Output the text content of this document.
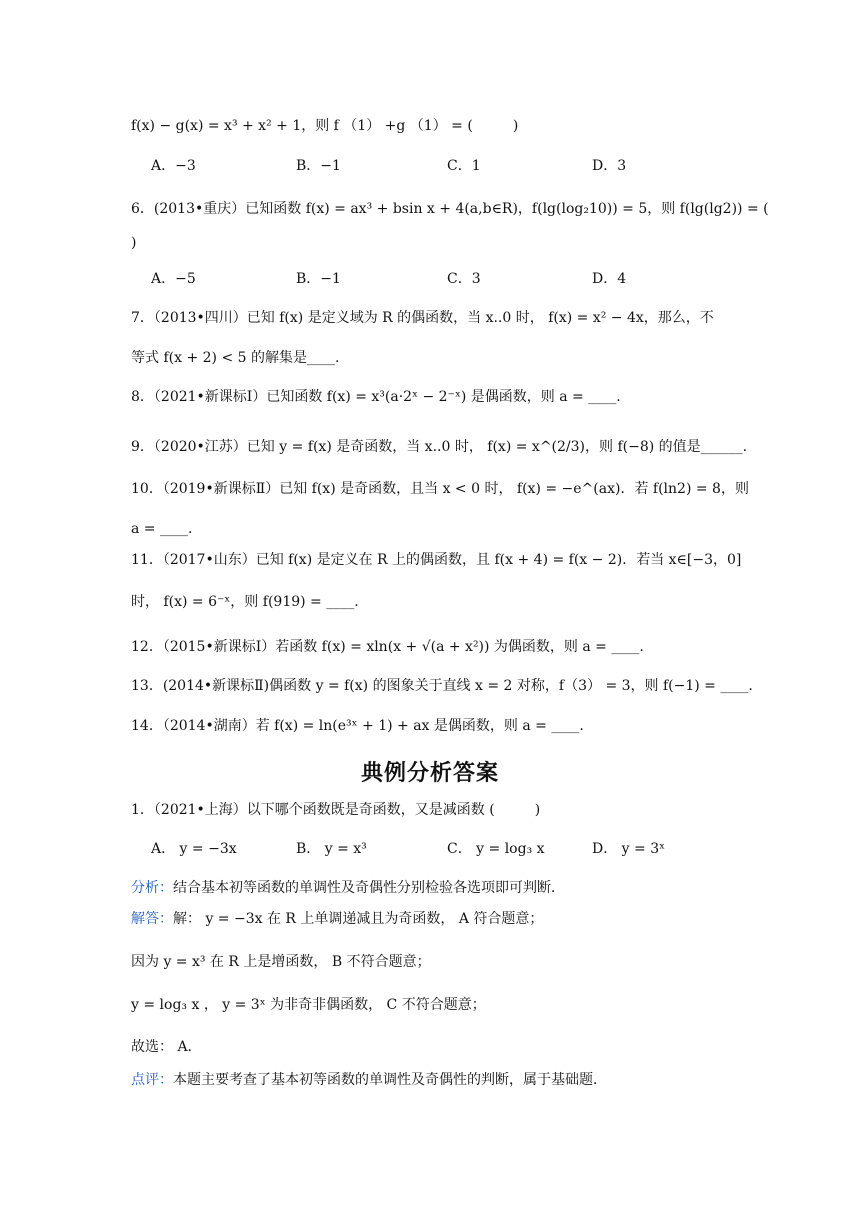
f(x) − g(x) = x³ + x² + 1，则 f （1） +g （1） = (	)
A．−3	B．−1	C．1	D．3
6．(2013•重庆）已知函数 f(x) = ax³ + bsin x + 4(a,b∈R)，f(lg(log₂10)) = 5，则 f(lg(lg2)) = (
)
A．−5	B．−1	C．3	D．4
7．（2013•四川）已知 f(x) 是定义域为 R 的偶函数，当 x..0 时， f(x) = x² − 4x，那么，不
等式 f(x + 2) < 5 的解集是____.
8．（2021•新课标Ⅰ）已知函数 f(x) = x³(a·2ˣ − 2⁻ˣ) 是偶函数，则 a = ____.
9．（2020•江苏）已知 y = f(x) 是奇函数，当 x..0 时， f(x) = x^(2/3)，则 f(−8) 的值是______.
10．（2019•新课标Ⅱ）已知 f(x) 是奇函数，且当 x < 0 时， f(x) = −e^(ax)．若 f(ln2) = 8，则
a = ____.
11．（2017•山东）已知 f(x) 是定义在 R 上的偶函数，且 f(x + 4) = f(x − 2)．若当 x∈[−3，0]
时， f(x) = 6⁻ˣ，则 f(919) = ____.
12．（2015•新课标Ⅰ）若函数 f(x) = xln(x + √(a + x²)) 为偶函数，则 a = ____.
13．(2014•新课标Ⅱ)偶函数 y = f(x) 的图象关于直线 x = 2 对称，f（3） = 3，则 f(−1) = ____.
14．（2014•湖南）若 f(x) = ln(e³ˣ + 1) + ax 是偶函数，则 a = ____.
典例分析答案
1．（2021•上海）以下哪个函数既是奇函数，又是减函数 (	)
A． y = −3x	B． y = x³	C． y = log₃ x	D． y = 3ˣ
分析：结合基本初等函数的单调性及奇偶性分别检验各选项即可判断．
解答：解： y = −3x 在 R 上单调递减且为奇函数， A 符合题意；
因为 y = x³ 在 R 上是增函数， B 不符合题意；
y = log₃ x ， y = 3ˣ 为非奇非偶函数， C 不符合题意；
故选： A．
点评：本题主要考查了基本初等函数的单调性及奇偶性的判断，属于基础题．
